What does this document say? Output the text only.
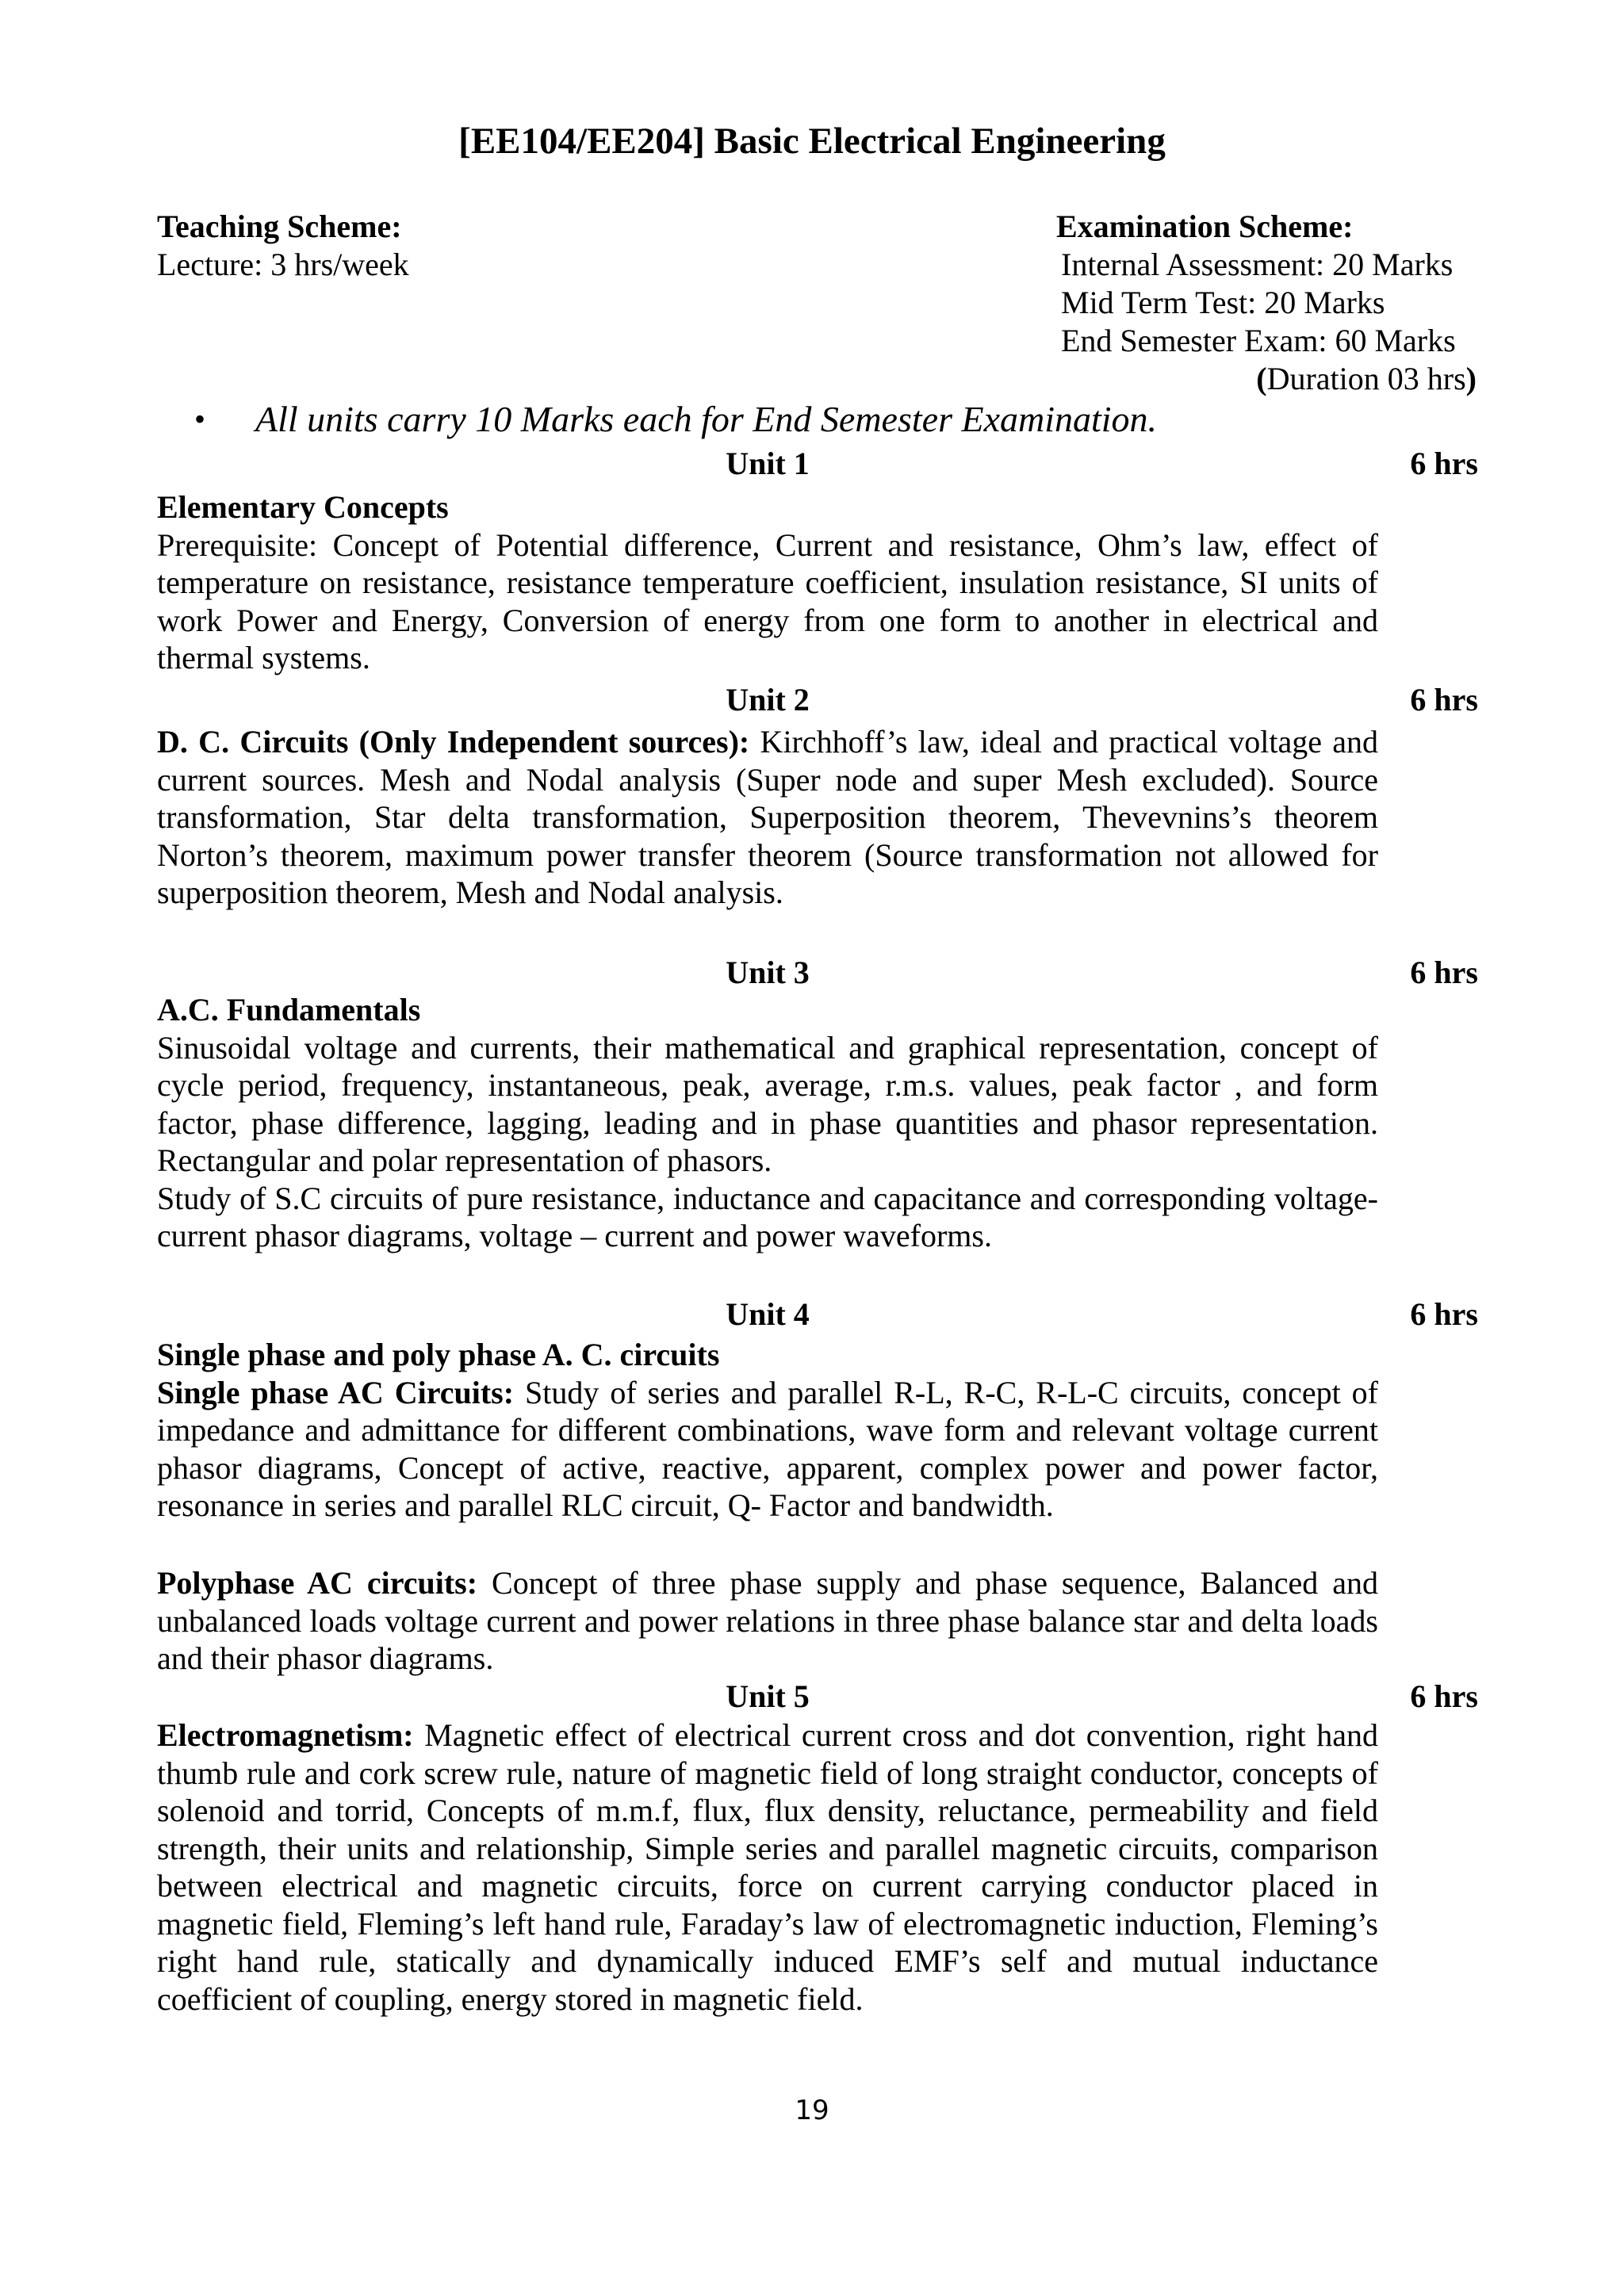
[EE104/EE204] Basic Electrical Engineering
Teaching Scheme:
Lecture: 3 hrs/week
Examination Scheme:
Internal Assessment: 20 Marks
Mid Term Test: 20 Marks
End Semester Exam: 60 Marks
(Duration 03 hrs)
• All units carry 10 Marks each for End Semester Examination.
Unit 1	6 hrs
Elementary Concepts

Prerequisite: Concept of Potential difference, Current and resistance, Ohm’s law, effect of temperature on resistance, resistance temperature coefficient, insulation resistance, SI units of work Power and Energy, Conversion of energy from one form to another in electrical and thermal systems.

Unit 2	6 hrs

D. C. Circuits (Only Independent sources): Kirchhoff’s law, ideal and practical voltage and current sources. Mesh and Nodal analysis (Super node and super Mesh excluded). Source transformation, Star delta transformation, Superposition theorem, Thevevnins’s theorem Norton’s theorem, maximum power transfer theorem (Source transformation not allowed for superposition theorem, Mesh and Nodal analysis.

Unit 3	6 hrs
A.C. Fundamentals

Sinusoidal voltage and currents, their mathematical and graphical representation, concept of cycle period, frequency, instantaneous, peak, average, r.m.s. values, peak factor , and form factor, phase difference, lagging, leading and in phase quantities and phasor representation. Rectangular and polar representation of phasors.

Study of S.C circuits of pure resistance, inductance and capacitance and corresponding voltage- current phasor diagrams, voltage – current and power waveforms.

Unit 4	6 hrs
Single phase and poly phase A. C. circuits

Single phase AC Circuits: Study of series and parallel R-L, R-C, R-L-C circuits, concept of impedance and admittance for different combinations, wave form and relevant voltage current phasor diagrams, Concept of active, reactive, apparent, complex power and power factor, resonance in series and parallel RLC circuit, Q- Factor and bandwidth.

Polyphase AC circuits: Concept of three phase supply and phase sequence, Balanced and unbalanced loads voltage current and power relations in three phase balance star and delta loads and their phasor diagrams.

Unit 5	6 hrs

Electromagnetism: Magnetic effect of electrical current cross and dot convention, right hand thumb rule and cork screw rule, nature of magnetic field of long straight conductor, concepts of solenoid and torrid, Concepts of m.m.f, flux, flux density, reluctance, permeability and field strength, their units and relationship, Simple series and parallel magnetic circuits, comparison between electrical and magnetic circuits, force on current carrying conductor placed in magnetic field, Fleming’s left hand rule, Faraday’s law of electromagnetic induction, Fleming’s right hand rule, statically and dynamically induced EMF’s self and mutual inductance coefficient of coupling, energy stored in magnetic field.

19
